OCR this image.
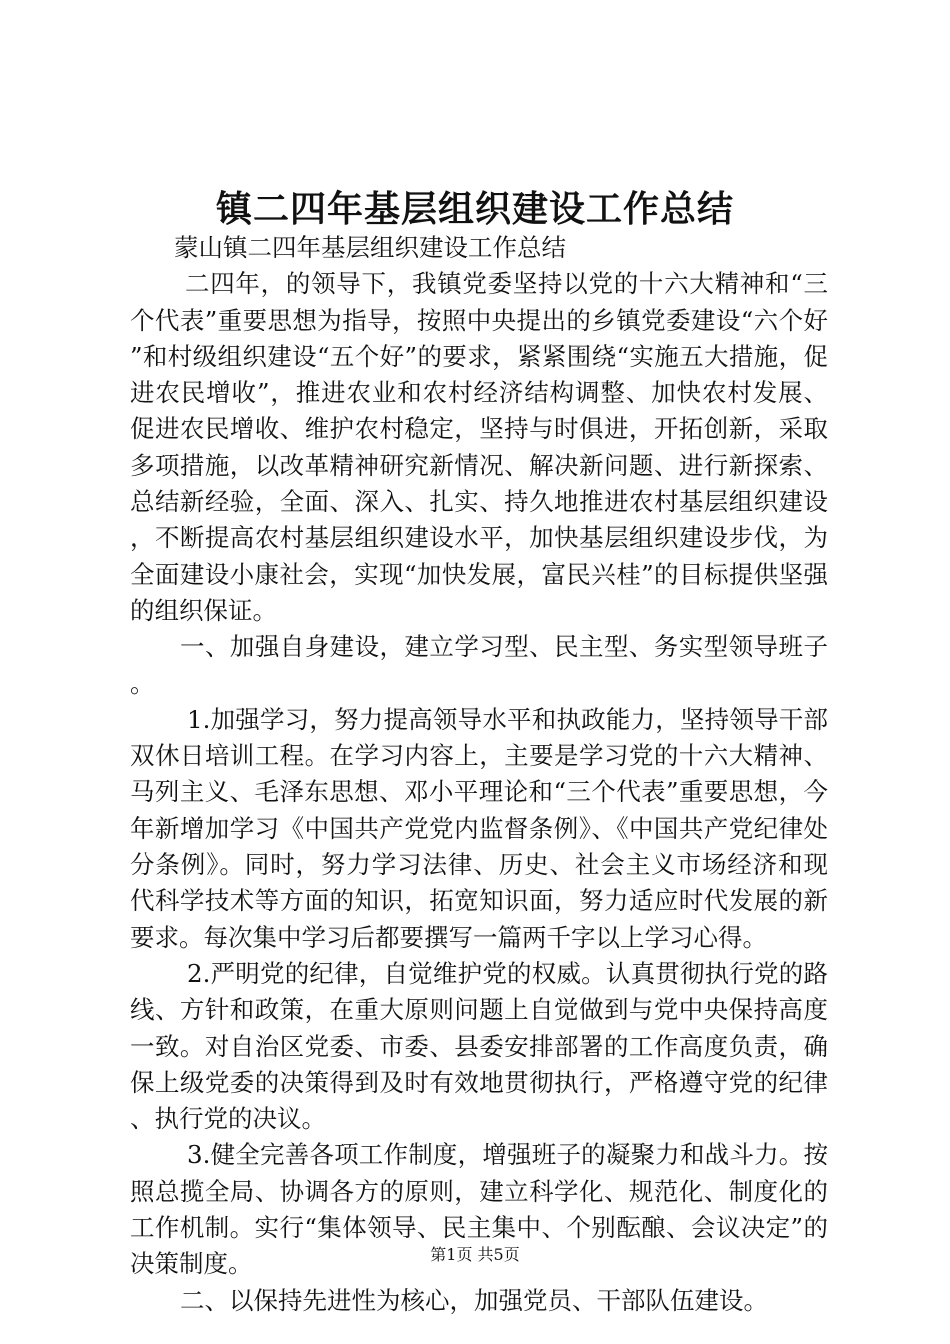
镇二四年基层组织建设工作总结

蒙山镇二四年基层组织建设工作总结

二四年，的领导下，我镇党委坚持以党的十六大精神和“三个代表”重要思想为指导，按照中央提出的乡镇党委建设“六个好”和村级组织建设“五个好”的要求，紧紧围绕“实施五大措施，促进农民增收”，推进农业和农村经济结构调整、加快农村发展、促进农民增收、维护农村稳定，坚持与时俱进，开拓创新，采取多项措施，以改革精神研究新情况、解决新问题、进行新探索、总结新经验，全面、深入、扎实、持久地推进农村基层组织建设，不断提高农村基层组织建设水平，加快基层组织建设步伐，为全面建设小康社会，实现“加快发展，富民兴桂”的目标提供坚强的组织保证。

一、加强自身建设，建立学习型、民主型、务实型领导班子。

1.加强学习，努力提高领导水平和执政能力，坚持领导干部双休日培训工程。在学习内容上，主要是学习党的十六大精神、马列主义、毛泽东思想、邓小平理论和“三个代表”重要思想，今年新增加学习《中国共产党党内监督条例》、《中国共产党纪律处分条例》。同时，努力学习法律、历史、社会主义市场经济和现代科学技术等方面的知识，拓宽知识面，努力适应时代发展的新要求。每次集中学习后都要撰写一篇两千字以上学习心得。

2.严明党的纪律，自觉维护党的权威。认真贯彻执行党的路线、方针和政策，在重大原则问题上自觉做到与党中央保持高度一致。对自治区党委、市委、县委安排部署的工作高度负责，确保上级党委的决策得到及时有效地贯彻执行，严格遵守党的纪律、执行党的决议。

3.健全完善各项工作制度，增强班子的凝聚力和战斗力。按照总揽全局、协调各方的原则，建立科学化、规范化、制度化的工作机制。实行“集体领导、民主集中、个别酝酿、会议决定”的决策制度。

二、以保持先进性为核心，加强党员、干部队伍建设。

第1页 共5页
